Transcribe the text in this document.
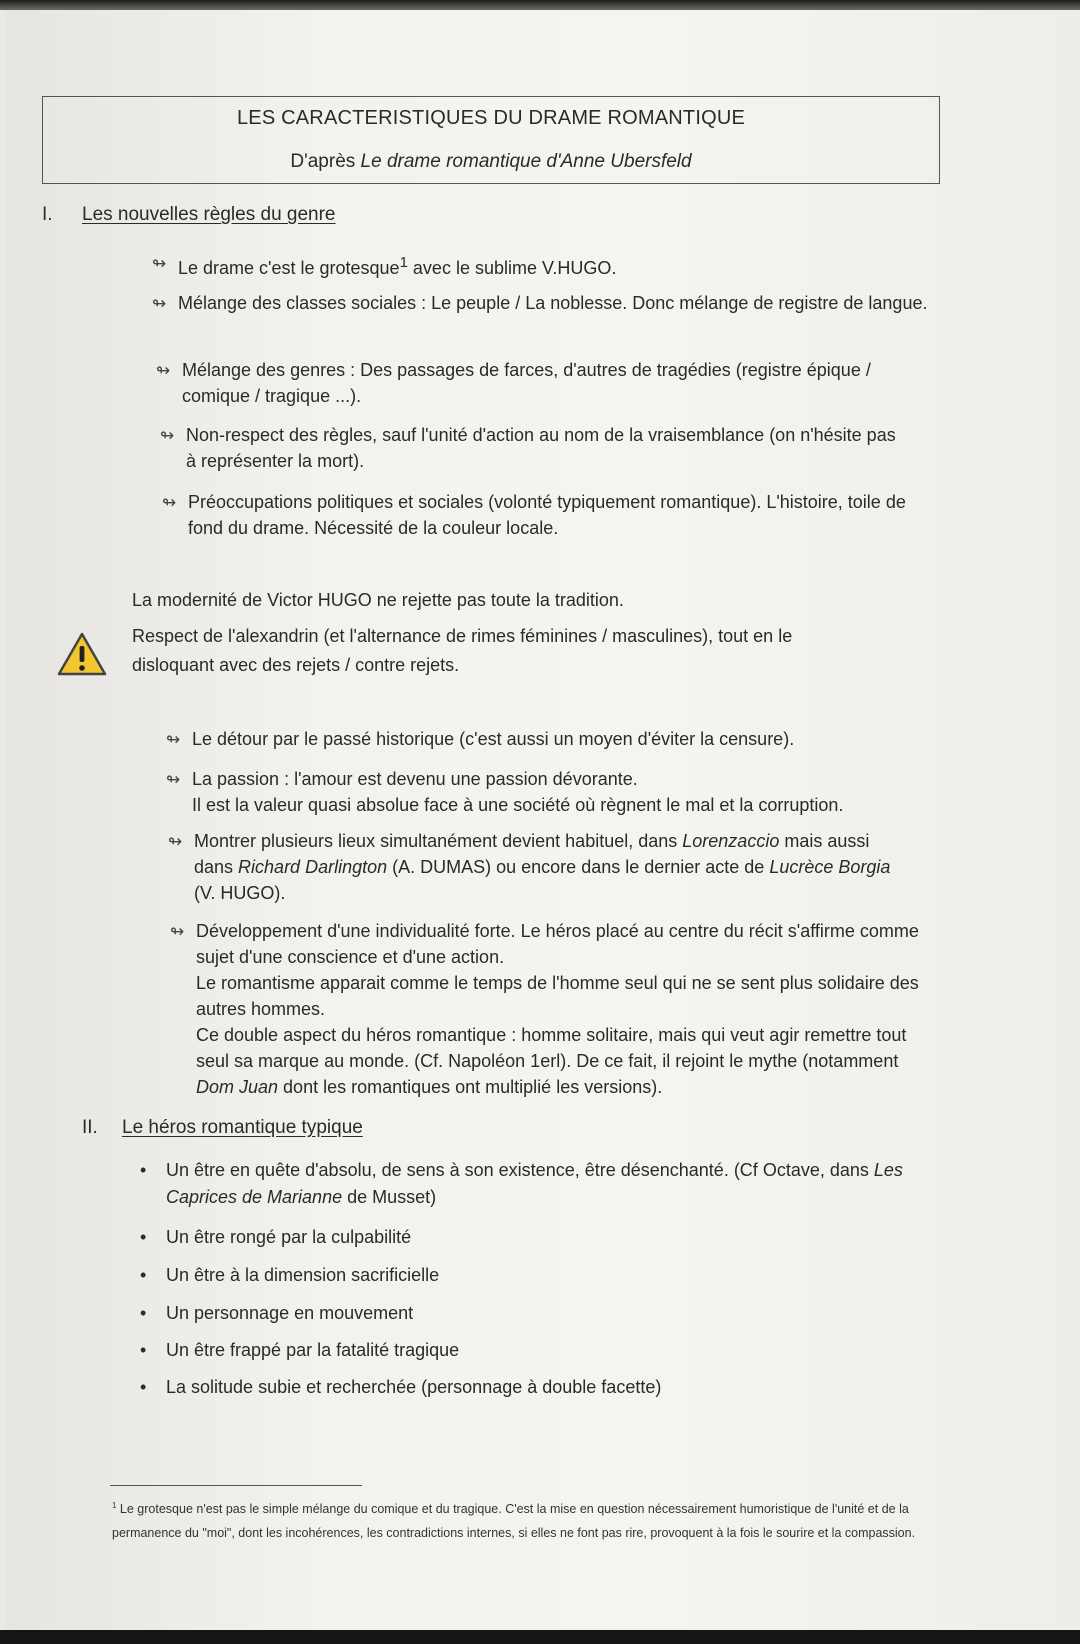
LES CARACTERISTIQUES DU DRAME ROMANTIQUE
D'après Le drame romantique d'Anne Ubersfeld
I. Les nouvelles règles du genre
↬ Le drame c'est le grotesque$^1$ avec le sublime V.HUGO.
↬ Mélange des classes sociales : Le peuple / La noblesse. Donc mélange de registre de langue.
↬ Mélange des genres : Des passages de farces, d'autres de tragédies (registre épique / comique / tragique ...).
↬ Non-respect des règles, sauf l'unité d'action au nom de la vraisemblance (on n'hésite pas à représenter la mort).
↬ Préoccupations politiques et sociales (volonté typiquement romantique). L'histoire, toile de fond du drame. Nécessité de la couleur locale.
La modernité de Victor HUGO ne rejette pas toute la tradition.
Respect de l'alexandrin (et l'alternance de rimes féminines / masculines), tout en le disloquant avec des rejets / contre rejets.
↬ Le détour par le passé historique (c'est aussi un moyen d'éviter la censure).
↬ La passion : l'amour est devenu une passion dévorante.
Il est la valeur quasi absolue face à une société où règnent le mal et la corruption.
↬ Montrer plusieurs lieux simultanément devient habituel, dans Lorenzaccio mais aussi dans Richard Darlington (A. DUMAS) ou encore dans le dernier acte de Lucrèce Borgia (V. HUGO).
↬ Développement d'une individualité forte. Le héros placé au centre du récit s'affirme comme sujet d'une conscience et d'une action.
Le romantisme apparait comme le temps de l'homme seul qui ne se sent plus solidaire des autres hommes.
Ce double aspect du héros romantique : homme solitaire, mais qui veut agir remettre tout seul sa marque au monde. (Cf. Napoléon 1erl). De ce fait, il rejoint le mythe (notamment Dom Juan dont les romantiques ont multiplié les versions).
II. Le héros romantique typique
•	Un être en quête d'absolu, de sens à son existence, être désenchanté. (Cf Octave, dans Les Caprices de Marianne de Musset)
•	Un être rongé par la culpabilité
•	Un être à la dimension sacrificielle
•	Un personnage en mouvement
•	Un être frappé par la fatalité tragique
•	La solitude subie et recherchée (personnage à double facette)
$^1$ Le grotesque n'est pas le simple mélange du comique et du tragique. C'est la mise en question nécessairement humoristique de l'unité et de la permanence du "moi", dont les incohérences, les contradictions internes, si elles ne font pas rire, provoquent à la fois le sourire et la compassion.
